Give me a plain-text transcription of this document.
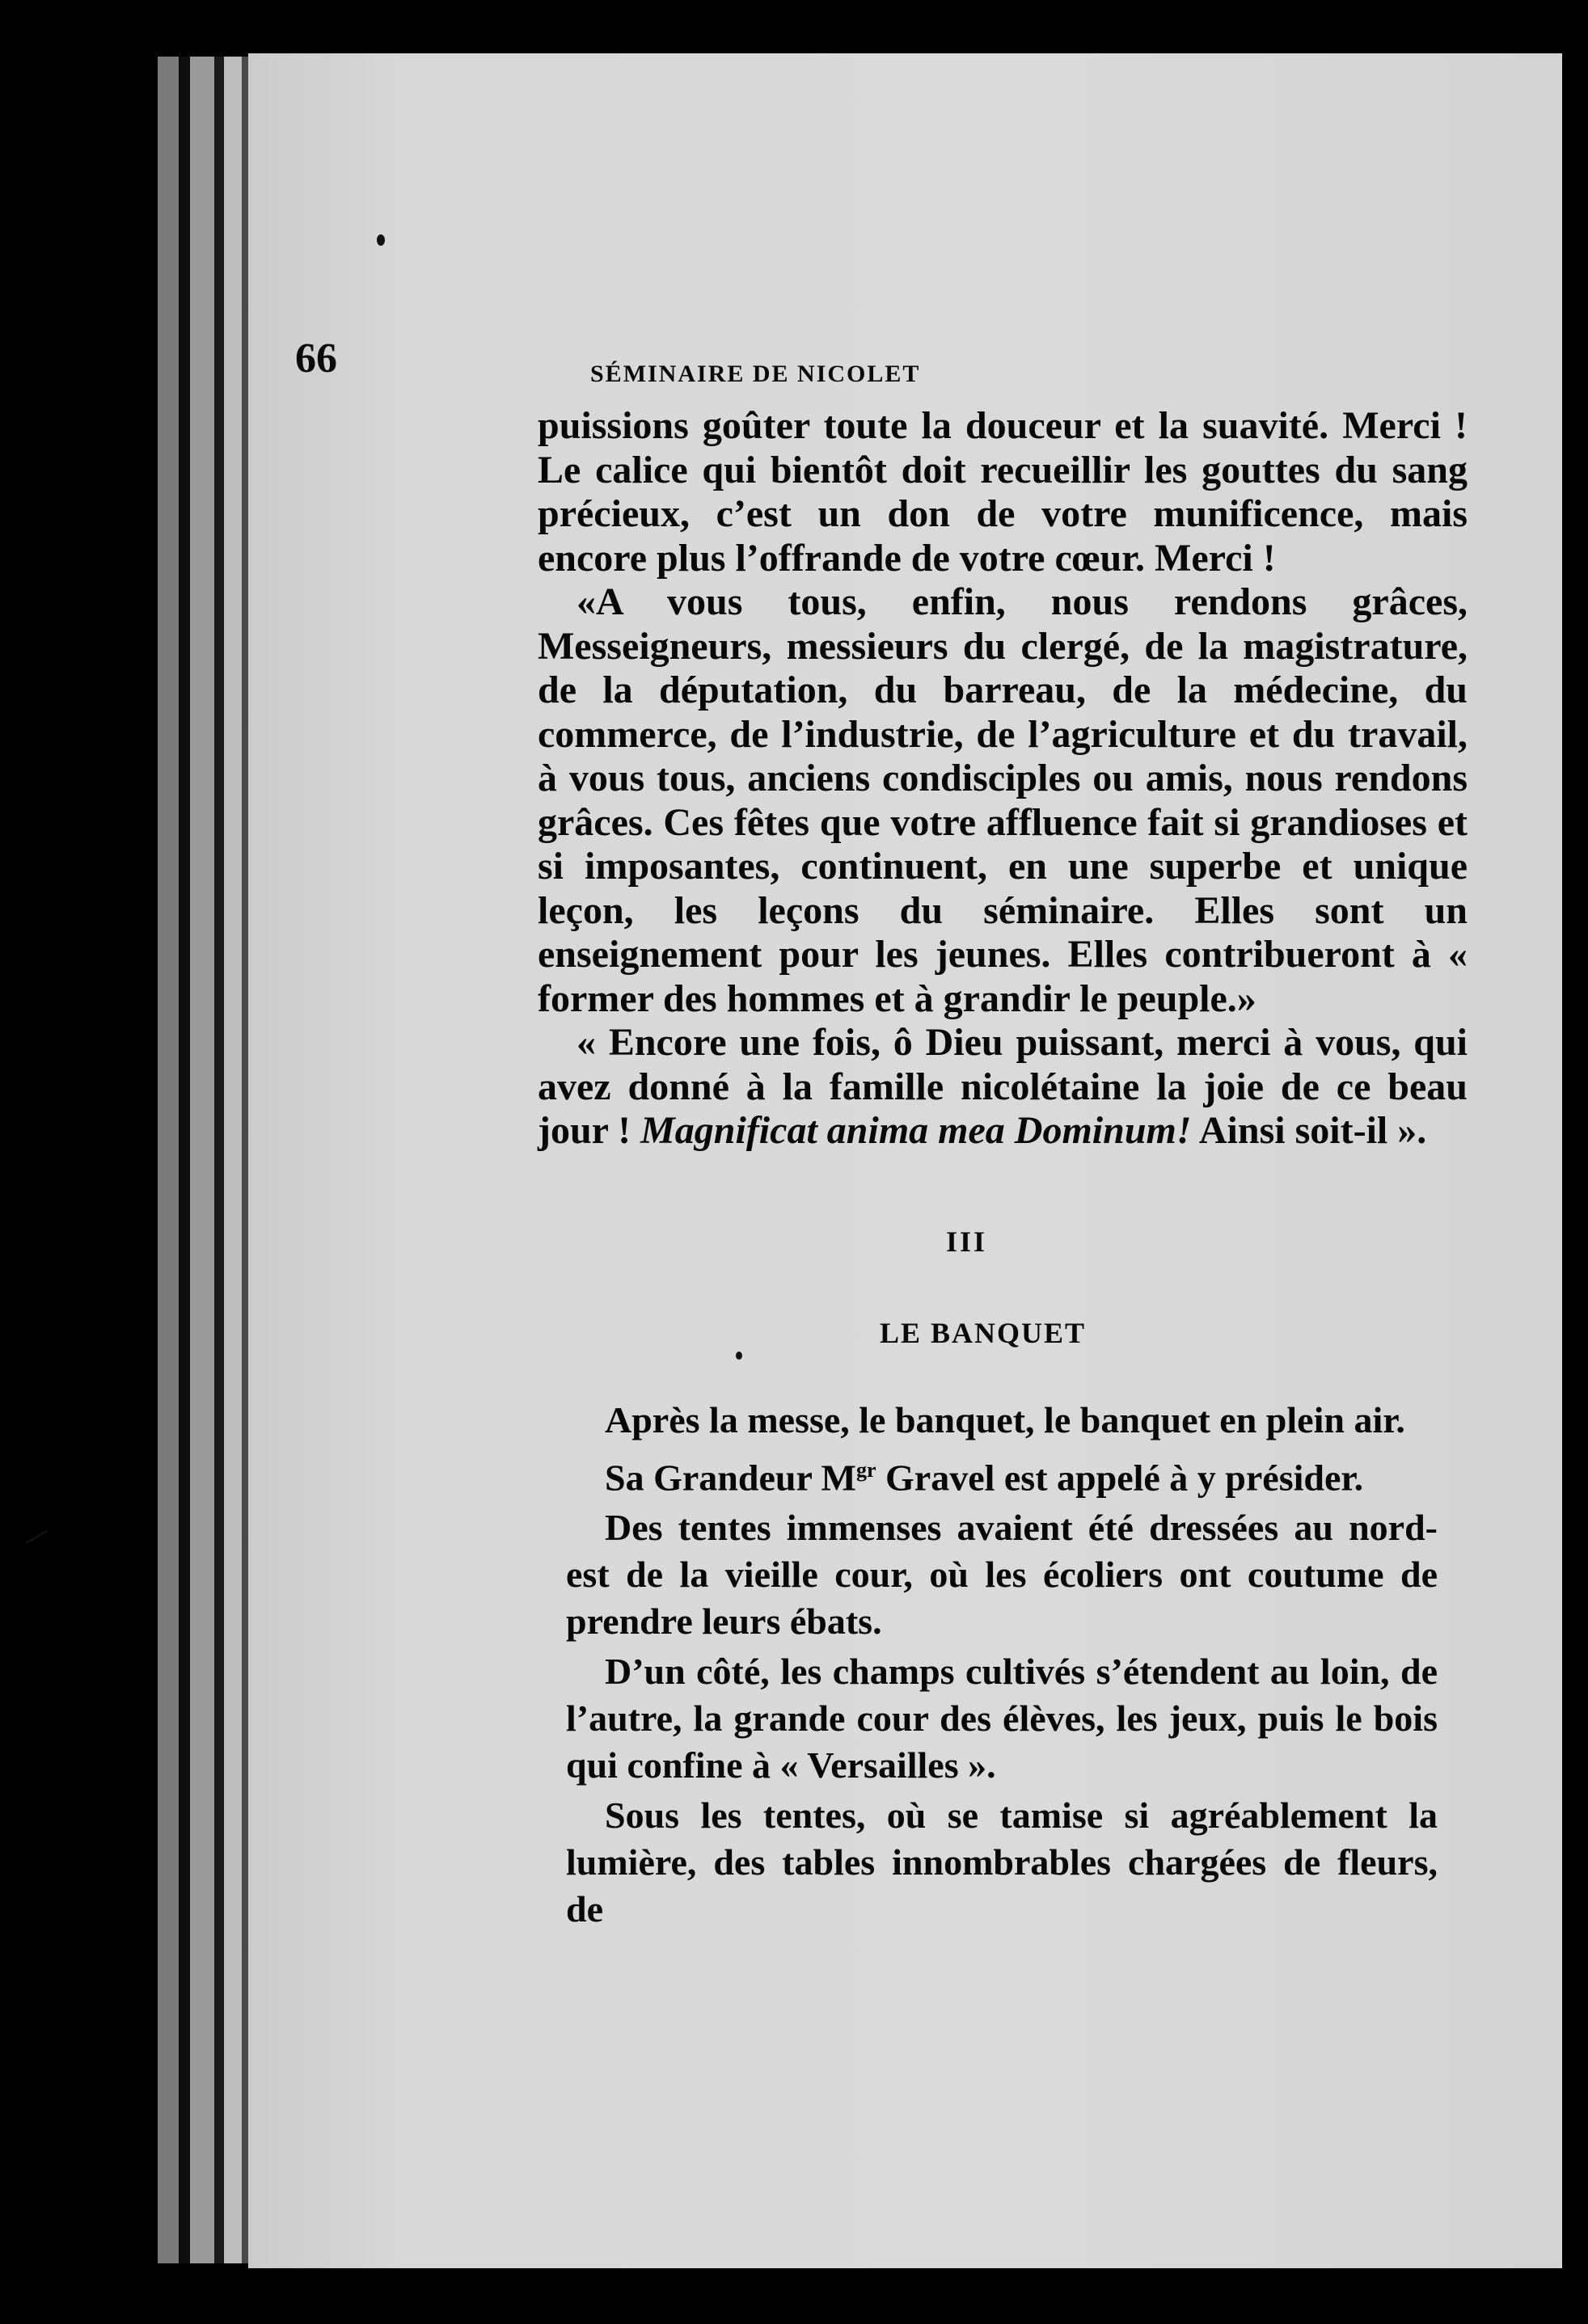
66	SÉMINAIRE DE NICOLET

puissions goûter toute la douceur et la suavité. Merci ! Le calice qui bientôt doit recueillir les gouttes du sang précieux, c’est un don de votre munificence, mais encore plus l’offrande de votre cœur. Merci !

«A vous tous, enfin, nous rendons grâces, Messeigneurs, messieurs du clergé, de la magistrature, de la députation, du barreau, de la médecine, du commerce, de l’industrie, de l’agriculture et du travail, à vous tous, anciens condisciples ou amis, nous rendons grâces. Ces fêtes que votre affluence fait si grandioses et si imposantes, continuent, en une superbe et unique leçon, les leçons du séminaire. Elles sont un enseignement pour les jeunes. Elles contribueront à « former des hommes et à grandir le peuple.»

« Encore une fois, ô Dieu puissant, merci à vous, qui avez donné à la famille nicolétaine la joie de ce beau jour ! Magnificat anima mea Dominum! Ainsi soit-il ».

III
LE BANQUET

Après la messe, le banquet, le banquet en plein air.

Sa Grandeur $M^{gr}$ Gravel est appelé à y présider.

Des tentes immenses avaient été dressées au nord-est de la vieille cour, où les écoliers ont coutume de prendre leurs ébats.

D’un côté, les champs cultivés s’étendent au loin, de l’autre, la grande cour des élèves, les jeux, puis le bois qui confine à « Versailles ».

Sous les tentes, où se tamise si agréablement la lumière, des tables innombrables chargées de fleurs, de
